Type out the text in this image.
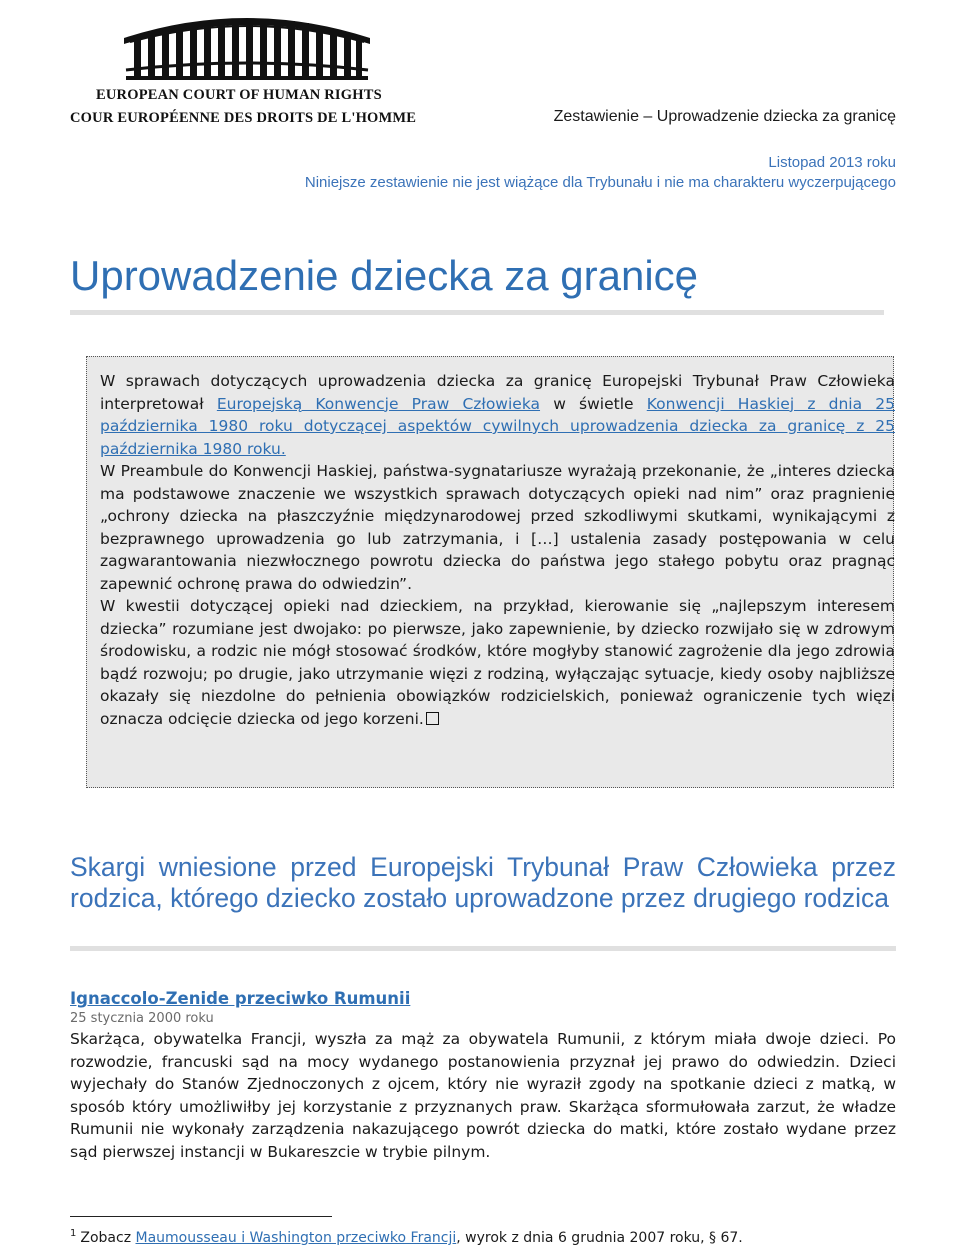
EUROPEAN COURT OF HUMAN RIGHTS
COUR EUROPÉENNE DES DROITS DE L'HOMME	Zestawienie – Uprowadzenie dziecka za granicę
Listopad 2013 roku
Niniejsze zestawienie nie jest wiążące dla Trybunału i nie ma charakteru wyczerpującego
Uprowadzenie dziecka za granicę

W sprawach dotyczących uprowadzenia dziecka za granicę Europejski Trybunał Praw Człowieka interpretował Europejską Konwencje Praw Człowieka w świetle Konwencji Haskiej z dnia 25 października 1980 roku dotyczącej aspektów cywilnych uprowadzenia dziecka za granicę z 25 października 1980 roku.

W Preambule do Konwencji Haskiej, państwa-sygnatariusze wyrażają przekonanie, że „interes dziecka ma podstawowe znaczenie we wszystkich sprawach dotyczących opieki nad nim” oraz pragnienie „ochrony dziecka na płaszczyźnie międzynarodowej przed szkodliwymi skutkami, wynikającymi z bezprawnego uprowadzenia go lub zatrzymania, i […] ustalenia zasady postępowania w celu zagwarantowania niezwłocznego powrotu dziecka do państwa jego stałego pobytu oraz pragnąc zapewnić ochronę prawa do odwiedzin”.

W kwestii dotyczącej opieki nad dzieckiem, na przykład, kierowanie się „najlepszym interesem dziecka” rozumiane jest dwojako: po pierwsze, jako zapewnienie, by dziecko rozwijało się w zdrowym środowisku, a rodzic nie mógł stosować środków, które mogłyby stanowić zagrożenie dla jego zdrowia bądź rozwoju; po drugie, jako utrzymanie więzi z rodziną, wyłączając sytuacje, kiedy osoby najbliższe okazały się niezdolne do pełnienia obowiązków rodzicielskich, ponieważ ograniczenie tych więzi oznacza odcięcie dziecka od jego korzeni.

Skargi wniesione przed Europejski Trybunał Praw Człowieka przez rodzica, którego dziecko zostało uprowadzone przez drugiego rodzica
Ignaccolo-Zenide przeciwko Rumunii
25 stycznia 2000 roku

Skarżąca, obywatelka Francji, wyszła za mąż za obywatela Rumunii, z którym miała dwoje dzieci. Po rozwodzie, francuski sąd na mocy wydanego postanowienia przyznał jej prawo do odwiedzin. Dzieci wyjechały do Stanów Zjednoczonych z ojcem, który nie wyraził zgody na spotkanie dzieci z matką, w sposób który umożliwiłby jej korzystanie z przyznanych praw. Skarżąca sformułowała zarzut, że władze Rumunii nie wykonały zarządzenia nakazującego powrót dziecka do matki, które zostało wydane przez sąd pierwszej instancji w Bukareszcie w trybie pilnym.

$^1$ Zobacz Maumousseau i Washington przeciwko Francji, wyrok z dnia 6 grudnia 2007 roku, § 67.
